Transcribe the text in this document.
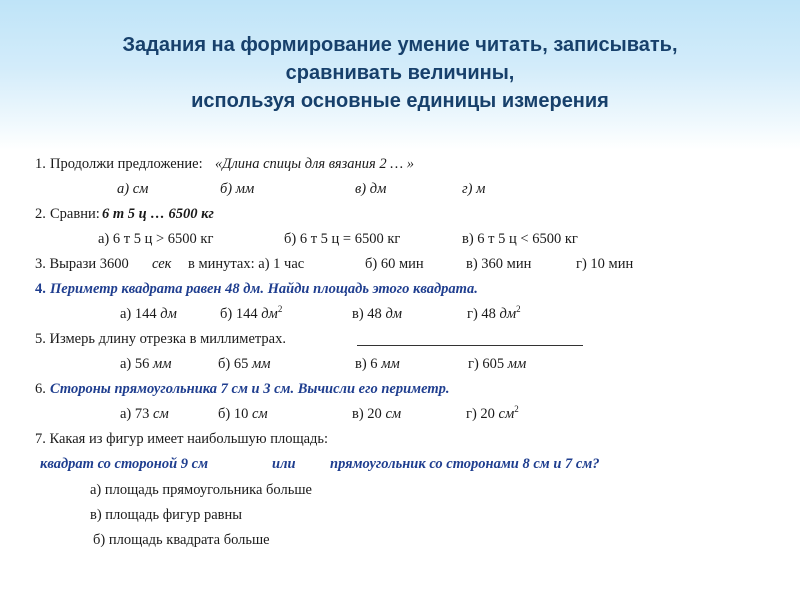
Задания на формирование умение читать, записывать,
сравнивать величины,
используя основные единицы измерения
1. Продолжи предложение: «Длина спицы для вязания 2 … »
а) см	б) мм	в) дм	г) м
2. Сравни: 6 т 5 ц … 6500 кг
а) 6 т 5 ц > 6500 кг	б) 6 т 5 ц = 6500 кг	в) 6 т 5 ц < 6500 кг
3. Вырази 3600 сек в минутах: а) 1 час	б) 60 мин	в) 360 мин	г) 10 мин
4. Периметр квадрата равен 48 дм. Найди площадь этого квадрата.
а) 144 дм	б) 144 $дм^2$	в) 48 дм	г) 48 $дм^2$
5. Измерь длину отрезка в миллиметрах.
а) 56 мм	б) 65 мм	в) 6 мм	г) 605 мм
6. Стороны прямоугольника 7 см и 3 см. Вычисли его периметр.
а) 73 см	б) 10 см	в) 20 см	г) 20 $см^2$
7. Какая из фигур имеет наибольшую площадь:
квадрат со стороной 9 см	или прямоугольник со сторонами 8 см и 7 см?
а) площадь прямоугольника больше
в) площадь фигур равны
б) площадь квадрата больше
